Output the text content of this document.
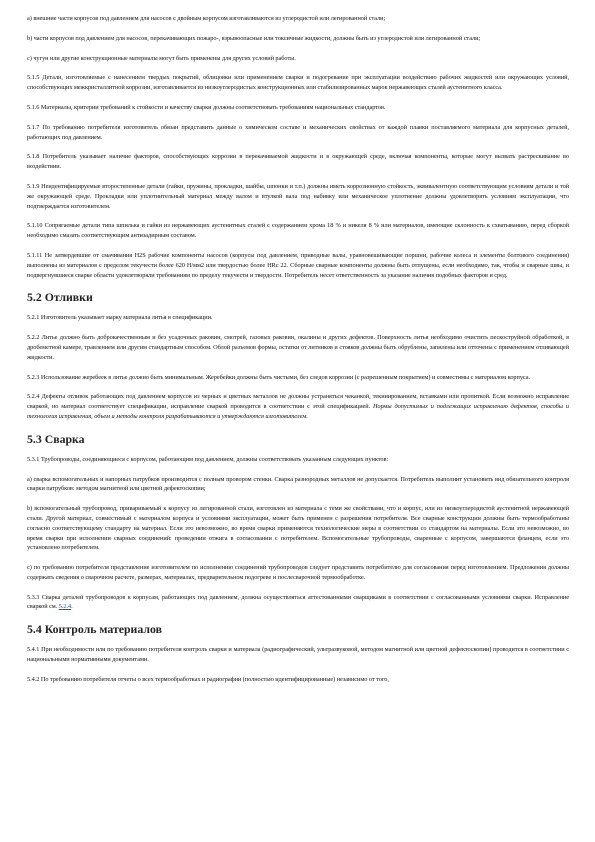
а) внешние части корпусов под давлением для насосов с двойным корпусом изготавливаются из углеродистой или легированной стали;

b) части корпусов под давлением для насосов, перекачивающих пожаро-, взрывоопасные или токсичные жидкости, должны быть из углеродистой или легированной стали;

c) чугун или другие конструкционные материалы могут быть применены для других условий работы.

5.1.5 Детали, изготовляемые с нанесением твердых покрытий, облицовки или применением сварки и подогревание при эксплуатации воздействию рабочих жидкостей или окружающих условий, способствующих межкристаллитной коррозии, изготавливается из низкоуглеродистых конструкционных или стабилизированных марок нержавеющих сталей аустенитного класса.

5.1.6 Материалы, критерии требований к стойкости и качеству сварки должны соответствовать требованиям национальных стандартов.

5.1.7 По требованию потребителя изготовитель обязан представить данные о химическом составе и механических свойствах от каждой плавки поставляемого материала для корпусных деталей, работающих под давлением.

5.1.8 Потребитель указывает наличие факторов, способствующих коррозии в перекачиваемой жидкости и в окружающей среде, включая компоненты, которые могут вызвать растрескивание во воздействии.

5.1.9 Неидентифицируемые второстепенные детали (гайки, пружины, прокладки, шайбы, шпонки и т.п.) должны иметь коррозионную стойкость, эквивалентную соответствующим условиям детали и той же окружающей среде. Прокладки или уплотнительный материал между валом и втулкой вала под набивку или механическое уплотнение должны удовлетворять условиям эксплуатации, что подтверждается изготовителем.

5.1.10 Сопрягаемые детали типа шпилька и гайки из нержавеющих аустенитных сталей с содержанием хрома 18 % и никеля 8 % или материалов, имеющие склонность к схватыванию, перед сборкой необходимо смазать соответствующим антизадирным составом.

5.1.11 Не затвердевшие от смачивания H2S рабочие компоненты насосов (корпусы под давлением, приводные валы, уравновешивающие поршни, рабочие колеса и элементы болтового соединения) выполнены из материалов с пределом текучести более 620 Н/мм2 или твердостью более HRc 22. Сборные сварные компоненты должны быть отпущены, если необходимо, так, чтобы и сварные швы, и подвергнувшиеся сварке области удовлетворяли требованиям по пределу текучести и твердости. Потребитель несет ответственность за указание наличия подобных факторов и сред.

5.2 Отливки

5.2.1 Изготовитель указывает марку материала литья в спецификации.

5.2.2 Литье должно быть доброкачественным и без усадочных раковин, смотрей, газовых раковин, окалины и других дефектов. Поверхность литья необходимо очистить пескоструйной обработкой, в дробеметной камере, травлением или другим стандартным способом. Облой разъемов формы, остатки от литников и стояков должны быть обрублены, запилены или отточены с применением отливающей жидкости.

5.2.3 Использование жеребеек в литье должно быть минимальным. Жеребейки должны быть чистыми, без следов коррозии (с разрешенным покрытием) и совместимы с материалом корпуса.

5.2.4 Дефекты отливок работающих под давлением корпусов из черных и цветных металлов не должны устраняться чеканкой, текинированием, вставками или пропиткой. Если возможно исправление сваркой, но материал соответствует спецификации, исправление сваркой проводится в соответствии с этой спецификацией. Нормы допустимых и подлежащих исправлению дефектов, способы и технология исправления, объем и методы контроля разрабатываются и утверждаются изготовителем.

5.3 Сварка

5.3.1 Трубопроводы, соединяющиеся с корпусом, работающим под давлением, должны соответствовать указанным следующих пунктов:

а) сварка вспомогательных и напорных патрубков производится с полным провором стенки. Сварка разнородных металлов не допускается. Потребитель выполнит установить вид обязательного контроля сварки патрубков: методом магнитной или цветной дефектоскопии;

b) вспомогательный трубопровод, привариваемый к корпусу из легированной стали, изготовлен из материала с теми же свойствами, что и корпус, или из низкоуглеродистой аустенитной нержавеющей стали. Другой материал, совместимый с материалом корпуса и условиями эксплуатации, может быть применен с разрешения потребителя. Все сварные конструкции должны быть термообработаны согласно соответствующему стандарту на материал. Если это невозможно, во время сварки применяются технологические меры в соответствии со стандартом на материалы. Если это невозможно, во время сварки при исполнении сварных соединений: проведении отжига в согласовании с потребителем. Вспомогательные трубопроводы, сваренные с корпусом, завершаются фланцем, если это установлено потребителем.

c) по требованию потребителя представление изготовителем по исполнению соединений трубопроводов следует представить потребителю для согласования перед изготовлением. Предложения должны содержать сведения о сварочном расчете, размерах, материалах, предварительном подогреве и послесварочной термообработке.

5.3.3 Сварка деталей трубопроводов к корпусам, работающих под давлением, должна осуществляться аттестованными сварщиками в соответствии с согласованными условиями сварки. Исправление сваркой см. 5.2.4.

5.4 Контроль материалов

5.4.1 При необходимости или по требованию потребителя контроль сварки и материала (радиографический, ультразвуковой, методом магнитной или цветной дефектоскопии) проводится в соответствии с национальными нормативными документами.

5.4.2 По требованию потребителя отчеты о всех термообработках и радиографии (полностью идентифицированные) независимо от того,
